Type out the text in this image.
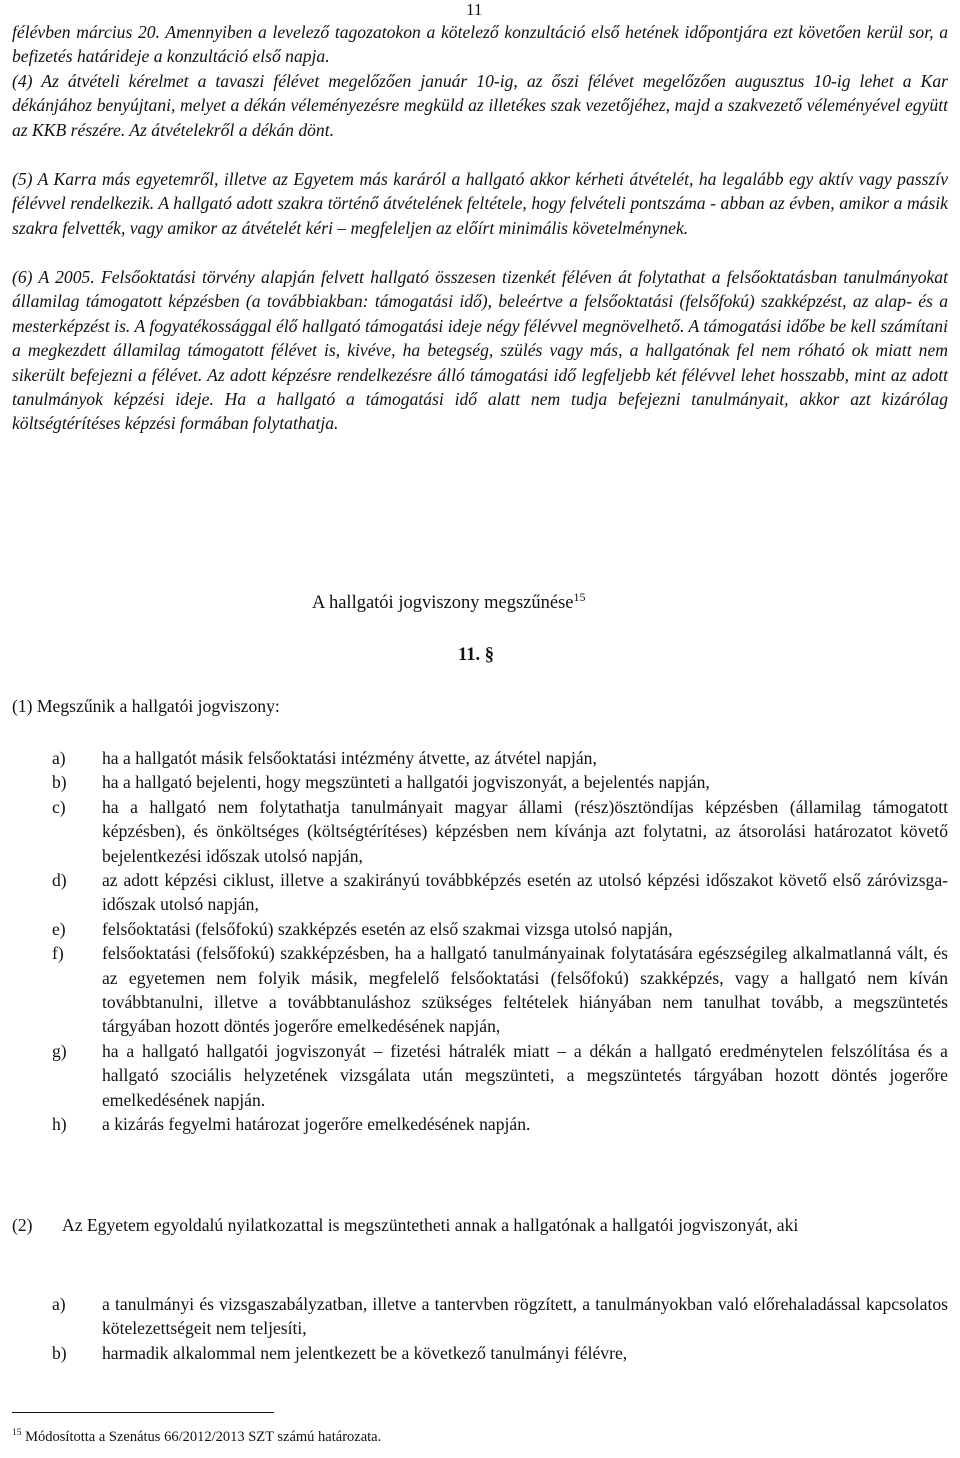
11
félévben március 20. Amennyiben a levelező tagozatokon a kötelező konzultáció első hetének időpontjára ezt követően kerül sor, a befizetés határideje a konzultáció első napja.
(4) Az átvételi kérelmet a tavaszi félévet megelőzően január 10-ig, az őszi félévet megelőzően augusztus 10-ig lehet a Kar dékánjához benyújtani, melyet a dékán véleményezésre megküld az illetékes szak vezetőjéhez, majd a szakvezető véleményével együtt az KKB részére. Az átvételekről a dékán dönt.
(5) A Karra más egyetemről, illetve az Egyetem más karáról a hallgató akkor kérheti átvételét, ha legalább egy aktív vagy passzív félévvel rendelkezik. A hallgató adott szakra történő átvételének feltétele, hogy felvételi pontszáma - abban az évben, amikor a másik szakra felvették, vagy amikor az átvételét kéri – megfeleljen az előírt minimális követelménynek.
(6) A 2005. Felsőoktatási törvény alapján felvett hallgató összesen tizenkét féléven át folytathat a felsőoktatásban tanulmányokat államilag támogatott képzésben (a továbbiakban: támogatási idő), beleértve a felsőoktatási (felsőfokú) szakképzést, az alap- és a mesterképzést is. A fogyatékossággal élő hallgató támogatási ideje négy félévvel megnövelhető. A támogatási időbe be kell számítani a megkezdett államilag támogatott félévet is, kivéve, ha betegség, szülés vagy más, a hallgatónak fel nem róható ok miatt nem sikerült befejezni a félévet. Az adott képzésre rendelkezésre álló támogatási idő legfeljebb két félévvel lehet hosszabb, mint az adott tanulmányok képzési ideje. Ha a hallgató a támogatási idő alatt nem tudja befejezni tanulmányait, akkor azt kizárólag költségtérítéses képzési formában folytathatja.
A hallgatói jogviszony megszűnése$^{15}$
11. §
(1) Megszűnik a hallgatói jogviszony:
a)	ha a hallgatót másik felsőoktatási intézmény átvette, az átvétel napján,
b)	ha a hallgató bejelenti, hogy megszünteti a hallgatói jogviszonyát, a bejelentés napján,
c)	ha a hallgató nem folytathatja tanulmányait magyar állami (rész)ösztöndíjas képzésben (államilag támogatott képzésben), és önköltséges (költségtérítéses) képzésben nem kívánja azt folytatni, az átsorolási határozatot követő bejelentkezési időszak utolsó napján,
d)	az adott képzési ciklust, illetve a szakirányú továbbképzés esetén az utolsó képzési időszakot követő első záróvizsga-időszak utolsó napján,
e)	felsőoktatási (felsőfokú) szakképzés esetén az első szakmai vizsga utolsó napján,
f)	felsőoktatási (felsőfokú) szakképzésben, ha a hallgató tanulmányainak folytatására egészségileg alkalmatlanná vált, és az egyetemen nem folyik másik, megfelelő felsőoktatási (felsőfokú) szakképzés, vagy a hallgató nem kíván továbbtanulni, illetve a továbbtanuláshoz szükséges feltételek hiányában nem tanulhat tovább, a megszüntetés tárgyában hozott döntés jogerőre emelkedésének napján,
g)	ha a hallgató hallgatói jogviszonyát – fizetési hátralék miatt – a dékán a hallgató eredménytelen felszólítása és a hallgató szociális helyzetének vizsgálata után megszünteti, a megszüntetés tárgyában hozott döntés jogerőre emelkedésének napján.
h)	a kizárás fegyelmi határozat jogerőre emelkedésének napján.
(2) Az Egyetem egyoldalú nyilatkozattal is megszüntetheti annak a hallgatónak a hallgatói jogviszonyát, aki
a)	a tanulmányi és vizsgaszabályzatban, illetve a tantervben rögzített, a tanulmányokban való előrehaladással kapcsolatos kötelezettségeit nem teljesíti,
b)	harmadik alkalommal nem jelentkezett be a következő tanulmányi félévre,
$^{15}$ Módosította a Szenátus 66/2012/2013 SZT számú határozata.
